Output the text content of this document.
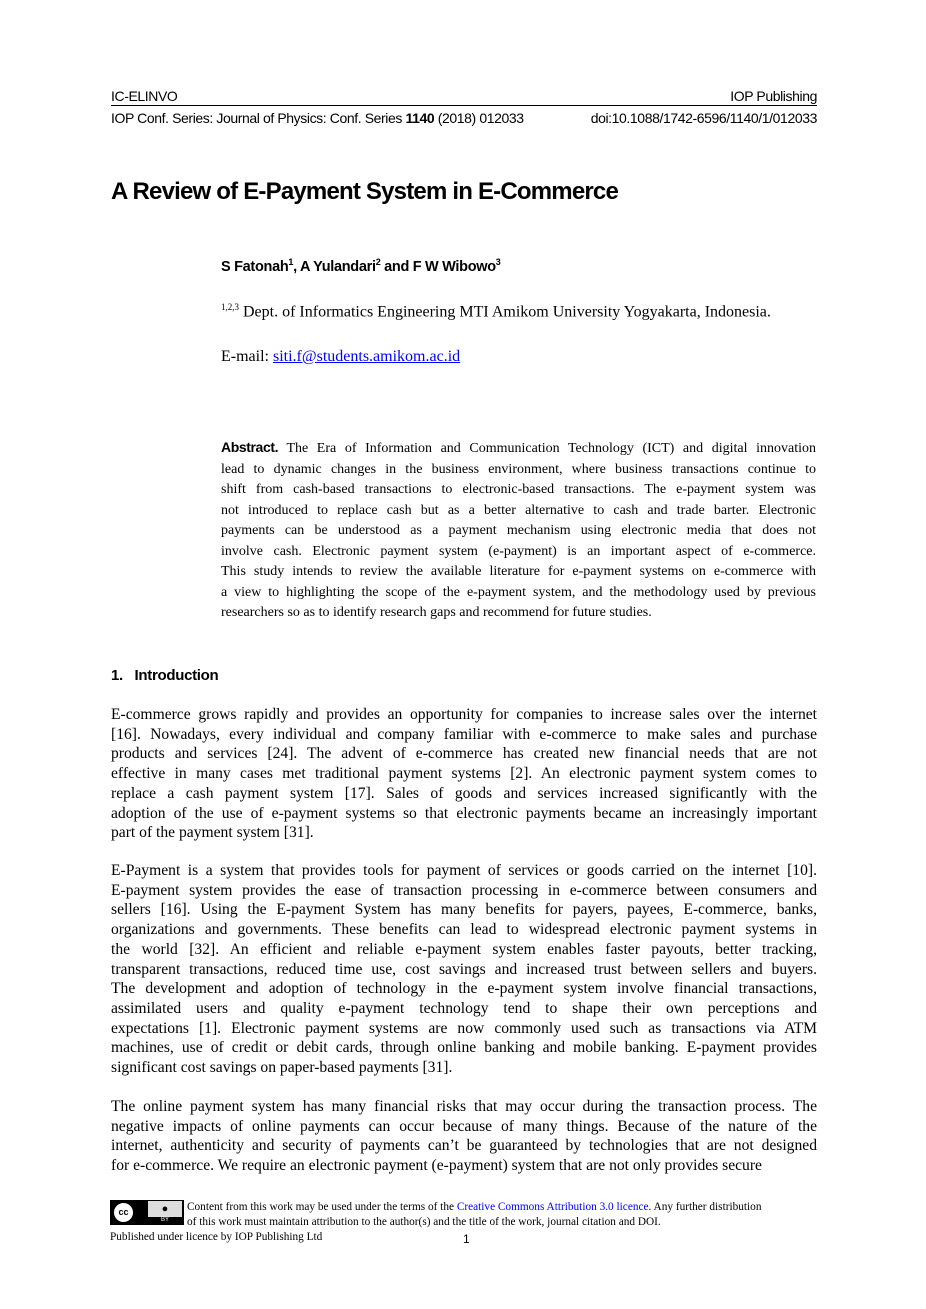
IC-ELINVO	IOP Publishing
IOP Conf. Series: Journal of Physics: Conf. Series 1140 (2018) 012033	doi:10.1088/1742-6596/1140/1/012033
A Review of E-Payment System in E-Commerce
S Fatonah$^1$, A Yulandari$^2$ and F W Wibowo$^3$
$^{1,2,3}$ Dept. of Informatics Engineering MTI Amikom University Yogyakarta, Indonesia.
E-mail: siti.f@students.amikom.ac.id
Abstract. The Era of Information and Communication Technology (ICT) and digital innovation
lead to dynamic changes in the business environment, where business transactions continue to
shift from cash-based transactions to electronic-based transactions. The e-payment system was
not introduced to replace cash but as a better alternative to cash and trade barter. Electronic
payments can be understood as a payment mechanism using electronic media that does not
involve cash. Electronic payment system (e-payment) is an important aspect of e-commerce.
This study intends to review the available literature for e-payment systems on e-commerce with
a view to highlighting the scope of the e-payment system, and the methodology used by previous
researchers so as to identify research gaps and recommend for future studies.
1.   Introduction
E-commerce grows rapidly and provides an opportunity for companies to increase sales over the internet
[16]. Nowadays, every individual and company familiar with e-commerce to make sales and purchase
products and services [24]. The advent of e-commerce has created new financial needs that are not
effective in many cases met traditional payment systems [2]. An electronic payment system comes to
replace a cash payment system [17]. Sales of goods and services increased significantly with the
adoption of the use of e-payment systems so that electronic payments became an increasingly important
part of the payment system [31].
E-Payment is a system that provides tools for payment of services or goods carried on the internet [10].
E-payment system provides the ease of transaction processing in e-commerce between consumers and
sellers [16]. Using the E-payment System has many benefits for payers, payees, E-commerce, banks,
organizations and governments. These benefits can lead to widespread electronic payment systems in
the world [32]. An efficient and reliable e-payment system enables faster payouts, better tracking,
transparent transactions, reduced time use, cost savings and increased trust between sellers and buyers.
The development and adoption of technology in the e-payment system involve financial transactions,
assimilated users and quality e-payment technology tend to shape their own perceptions and
expectations [1]. Electronic payment systems are now commonly used such as transactions via ATM
machines, use of credit or debit cards, through online banking and mobile banking. E-payment provides
significant cost savings on paper-based payments [31].
The online payment system has many financial risks that may occur during the transaction process. The
negative impacts of online payments can occur because of many things. Because of the nature of the
internet, authenticity and security of payments can’t be guaranteed by technologies that are not designed
for e-commerce. We require an electronic payment (e-payment) system that are not only provides secure
cc	●
BY
Content from this work may be used under the terms of the Creative Commons Attribution 3.0 licence. Any further distribution
of this work must maintain attribution to the author(s) and the title of the work, journal citation and DOI.
Published under licence by IOP Publishing Ltd	1
